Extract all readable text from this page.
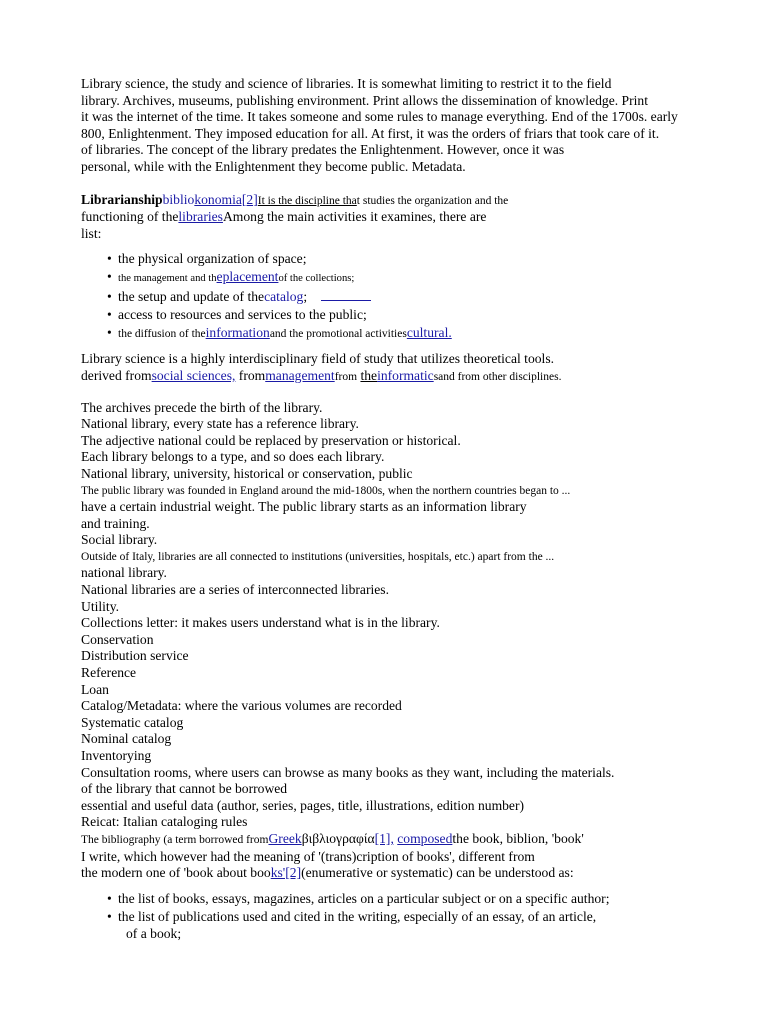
Library science, the study and science of libraries. It is somewhat limiting to restrict it to the field
library. Archives, museums, publishing environment. Print allows the dissemination of knowledge. Print
it was the internet of the time. It takes someone and some rules to manage everything. End of the 1700s. early
800, Enlightenment. They imposed education for all. At first, it was the orders of friars that took care of it.
of libraries. The concept of the library predates the Enlightenment. However, once it was
personal, while with the Enlightenment they become public. Metadata.
Librarianshipbibliokonomia[2]It is the discipline that studies the organization and the
functioning of thelibrariesAmong the main activities it examines, there are
list:
• the physical organization of space;
• the management and theplacementof the collections;
• the setup and update of thecatalog;
• access to resources and services to the public;
• the diffusion of theinformationand the promotional activitiescultural.
Library science is a highly interdisciplinary field of study that utilizes theoretical tools.
derived fromsocial sciences, frommanagementfrom theinformaticsand from other disciplines.
The archives precede the birth of the library.
National library, every state has a reference library.
The adjective national could be replaced by preservation or historical.
Each library belongs to a type, and so does each library.
National library, university, historical or conservation, public
The public library was founded in England around the mid-1800s, when the northern countries began to ...
have a certain industrial weight. The public library starts as an information library
and training.
Social library.
Outside of Italy, libraries are all connected to institutions (universities, hospitals, etc.) apart from the ...
national library.
National libraries are a series of interconnected libraries.
Utility.
Collections letter: it makes users understand what is in the library.
Conservation
Distribution service
Reference
Loan
Catalog/Metadata: where the various volumes are recorded
Systematic catalog
Nominal catalog
Inventorying
Consultation rooms, where users can browse as many books as they want, including the materials.
of the library that cannot be borrowed
essential and useful data (author, series, pages, title, illustrations, edition number)
Reicat: Italian cataloging rules
The bibliography (a term borrowed fromGreekβιβλιογραφία[1], composedthe book, biblion, 'book'
I write, which however had the meaning of '(trans)cription of books', different from
the modern one of 'book about books'[2](enumerative or systematic) can be understood as:
• the list of books, essays, magazines, articles on a particular subject or on a specific author;
• the list of publications used and cited in the writing, especially of an essay, of an article,
of a book;
